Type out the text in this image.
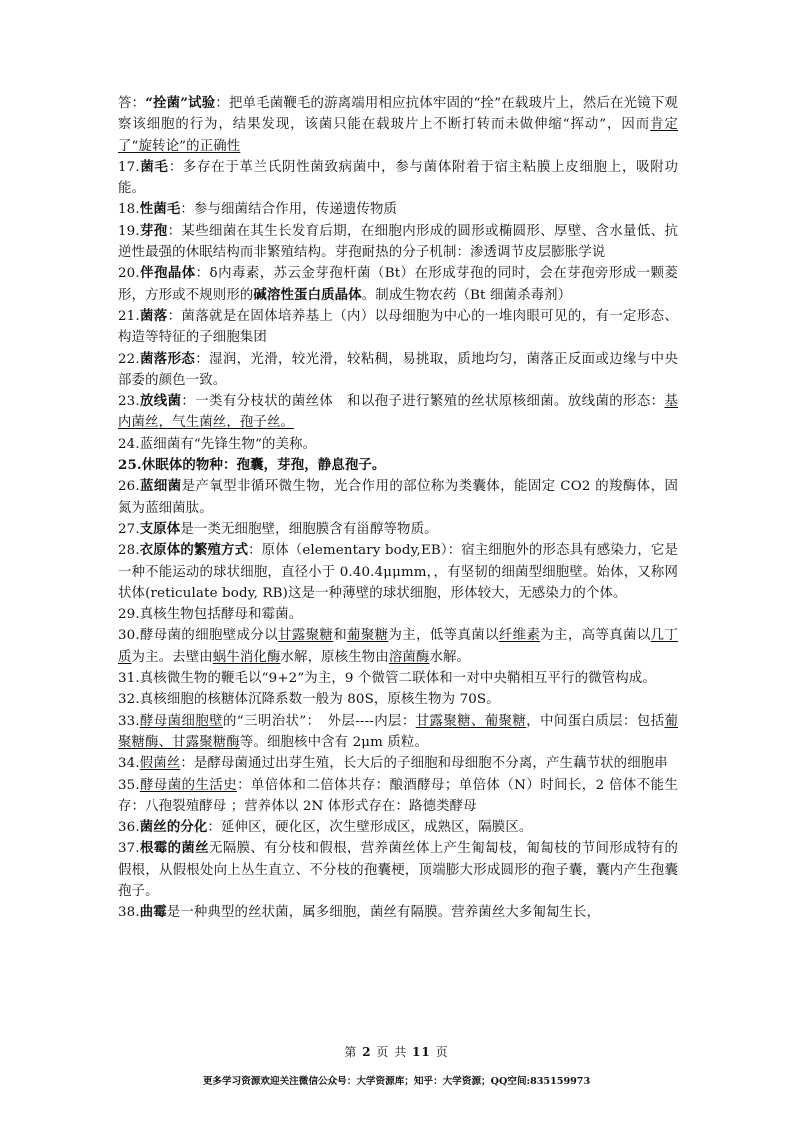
答：“拴菌”试验：把单毛菌鞭毛的游离端用相应抗体牢固的“拴”在载玻片上，然后在光镜下观察该细胞的行为，结果发现，该菌只能在载玻片上不断打转而未做伸缩“挥动”，因而肯定了“旋转论”的正确性

17.菌毛：多存在于革兰氏阴性菌致病菌中，参与菌体附着于宿主粘膜上皮细胞上，吸附功能。

18.性菌毛：参与细菌结合作用，传递遗传物质

19.芽孢：某些细菌在其生长发育后期，在细胞内形成的圆形或椭圆形、厚壁、含水量低、抗逆性最强的休眠结构而非繁殖结构。芽孢耐热的分子机制：渗透调节皮层膨胀学说

20.伴孢晶体：δ内毒素，苏云金芽孢杆菌（Bt）在形成芽孢的同时，会在芽孢旁形成一颗菱形，方形或不规则形的碱溶性蛋白质晶体。制成生物农药（Bt 细菌杀毒剂）

21.菌落：菌落就是在固体培养基上（内）以母细胞为中心的一堆肉眼可见的，有一定形态、构造等特征的子细胞集团

22.菌落形态：湿润，光滑，较光滑，较粘稠，易挑取，质地均匀，菌落正反面或边缘与中央部委的颜色一致。

23.放线菌：一类有分枝状的菌丝体　和以孢子进行繁殖的丝状原核细菌。放线菌的形态：基内菌丝，气生菌丝，孢子丝。

24.蓝细菌有“先锋生物”的美称。

25.休眠体的物种：孢囊，芽孢，静息孢子。

26.蓝细菌是产氧型非循环微生物，光合作用的部位称为类囊体，能固定 CO2 的羧酶体，固氮为蓝细菌肽。

27.支原体是一类无细胞壁，细胞膜含有甾醇等物质。

28.衣原体的繁殖方式：原体（elementary body,EB）：宿主细胞外的形态具有感染力，它是一种不能运动的球状细胞，直径小于 0.40.4μμmm，，有坚韧的细菌型细胞壁。始体，又称网状体(reticulate body, RB)这是一种薄壁的球状细胞，形体较大，无感染力的个体。

29.真核生物包括酵母和霉菌。

30.酵母菌的细胞壁成分以甘露聚糖和葡聚糖为主，低等真菌以纤维素为主，高等真菌以几丁质为主。去壁由蜗牛消化酶水解，原核生物由溶菌酶水解。

31.真核微生物的鞭毛以“9+2”为主，9 个微管二联体和一对中央鞘相互平行的微管构成。

32.真核细胞的核糖体沉降系数一般为 80S，原核生物为 70S。

33.酵母菌细胞壁的“三明治状”：　外层----内层：甘露聚糖、葡聚糖，中间蛋白质层：包括葡聚糖酶、甘露聚糖酶等。细胞核中含有 2μm 质粒。

34.假菌丝：是酵母菌通过出芽生殖，长大后的子细胞和母细胞不分离，产生藕节状的细胞串

35.酵母菌的生活史：单倍体和二倍体共存：酿酒酵母；单倍体（N）时间长，2 倍体不能生存：八孢裂殖酵母 ；营养体以 2N 体形式存在：路德类酵母

36.菌丝的分化：延伸区，硬化区，次生壁形成区，成熟区，隔膜区。

37.根霉的菌丝无隔膜、有分枝和假根，营养菌丝体上产生匍匐枝，匍匐枝的节间形成特有的假根，从假根处向上丛生直立、不分枝的孢囊梗，顶端膨大形成圆形的孢子囊，囊内产生孢囊孢子。

38.曲霉是一种典型的丝状菌，属多细胞，菌丝有隔膜。营养菌丝大多匍匐生长，

第 2 页 共 11 页
更多学习资源欢迎关注微信公众号：大学资源库；知乎：大学资源；QQ空间:835159973
